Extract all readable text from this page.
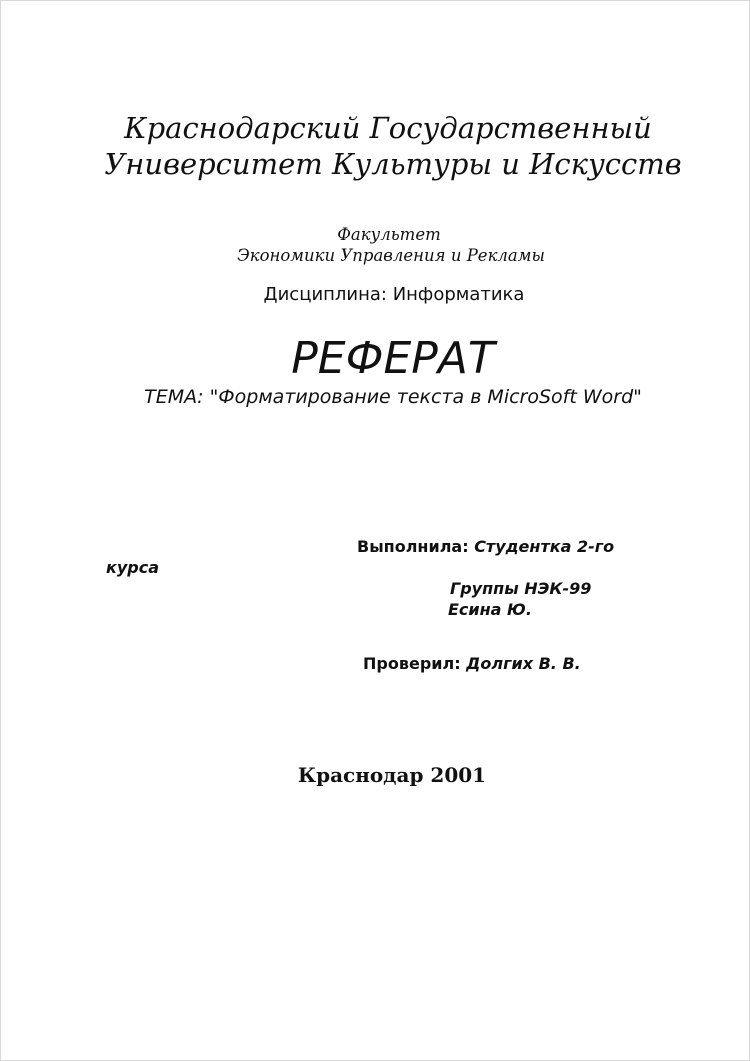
Краснодарский Государственный
Университет Культуры и Искусств
Факультет
Экономики Управления и Рекламы
Дисциплина: Информатика
РЕФЕРАТ
ТЕМА: "Форматирование текста в MicroSoft Word"
Выполнила: Студентка 2-го
курса
Группы НЭК-99
Есина Ю.
Проверил: Долгих В. В.
Краснодар 2001
